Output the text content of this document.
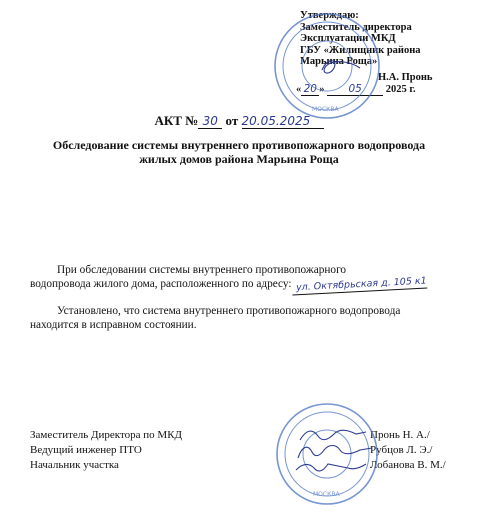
Утверждаю:
Заместитель директора
Эксплуатации МКД
ГБУ «Жилищник района
Марьина Роща»
Н.А. Пронь
« 20 » 05 2025 г.
АКТ № 30 от 20.05.2025
Обследование системы внутреннего противопожарного водопровода
жилых домов района Марьина Роща
При обследовании системы внутреннего противопожарного
водопровода жилого дома, расположенного по адресу: ул. Октябрьская д. 105 к1
Установлено, что система внутреннего противопожарного водопровода
находится в исправном состоянии.
Заместитель Директора по МКД
Ведущий инженер ПТО
Начальник участка
Пронь Н. А./
Рубцов Л. Э./
Лобанова В. М./
МОСКВА
МОСКВА
